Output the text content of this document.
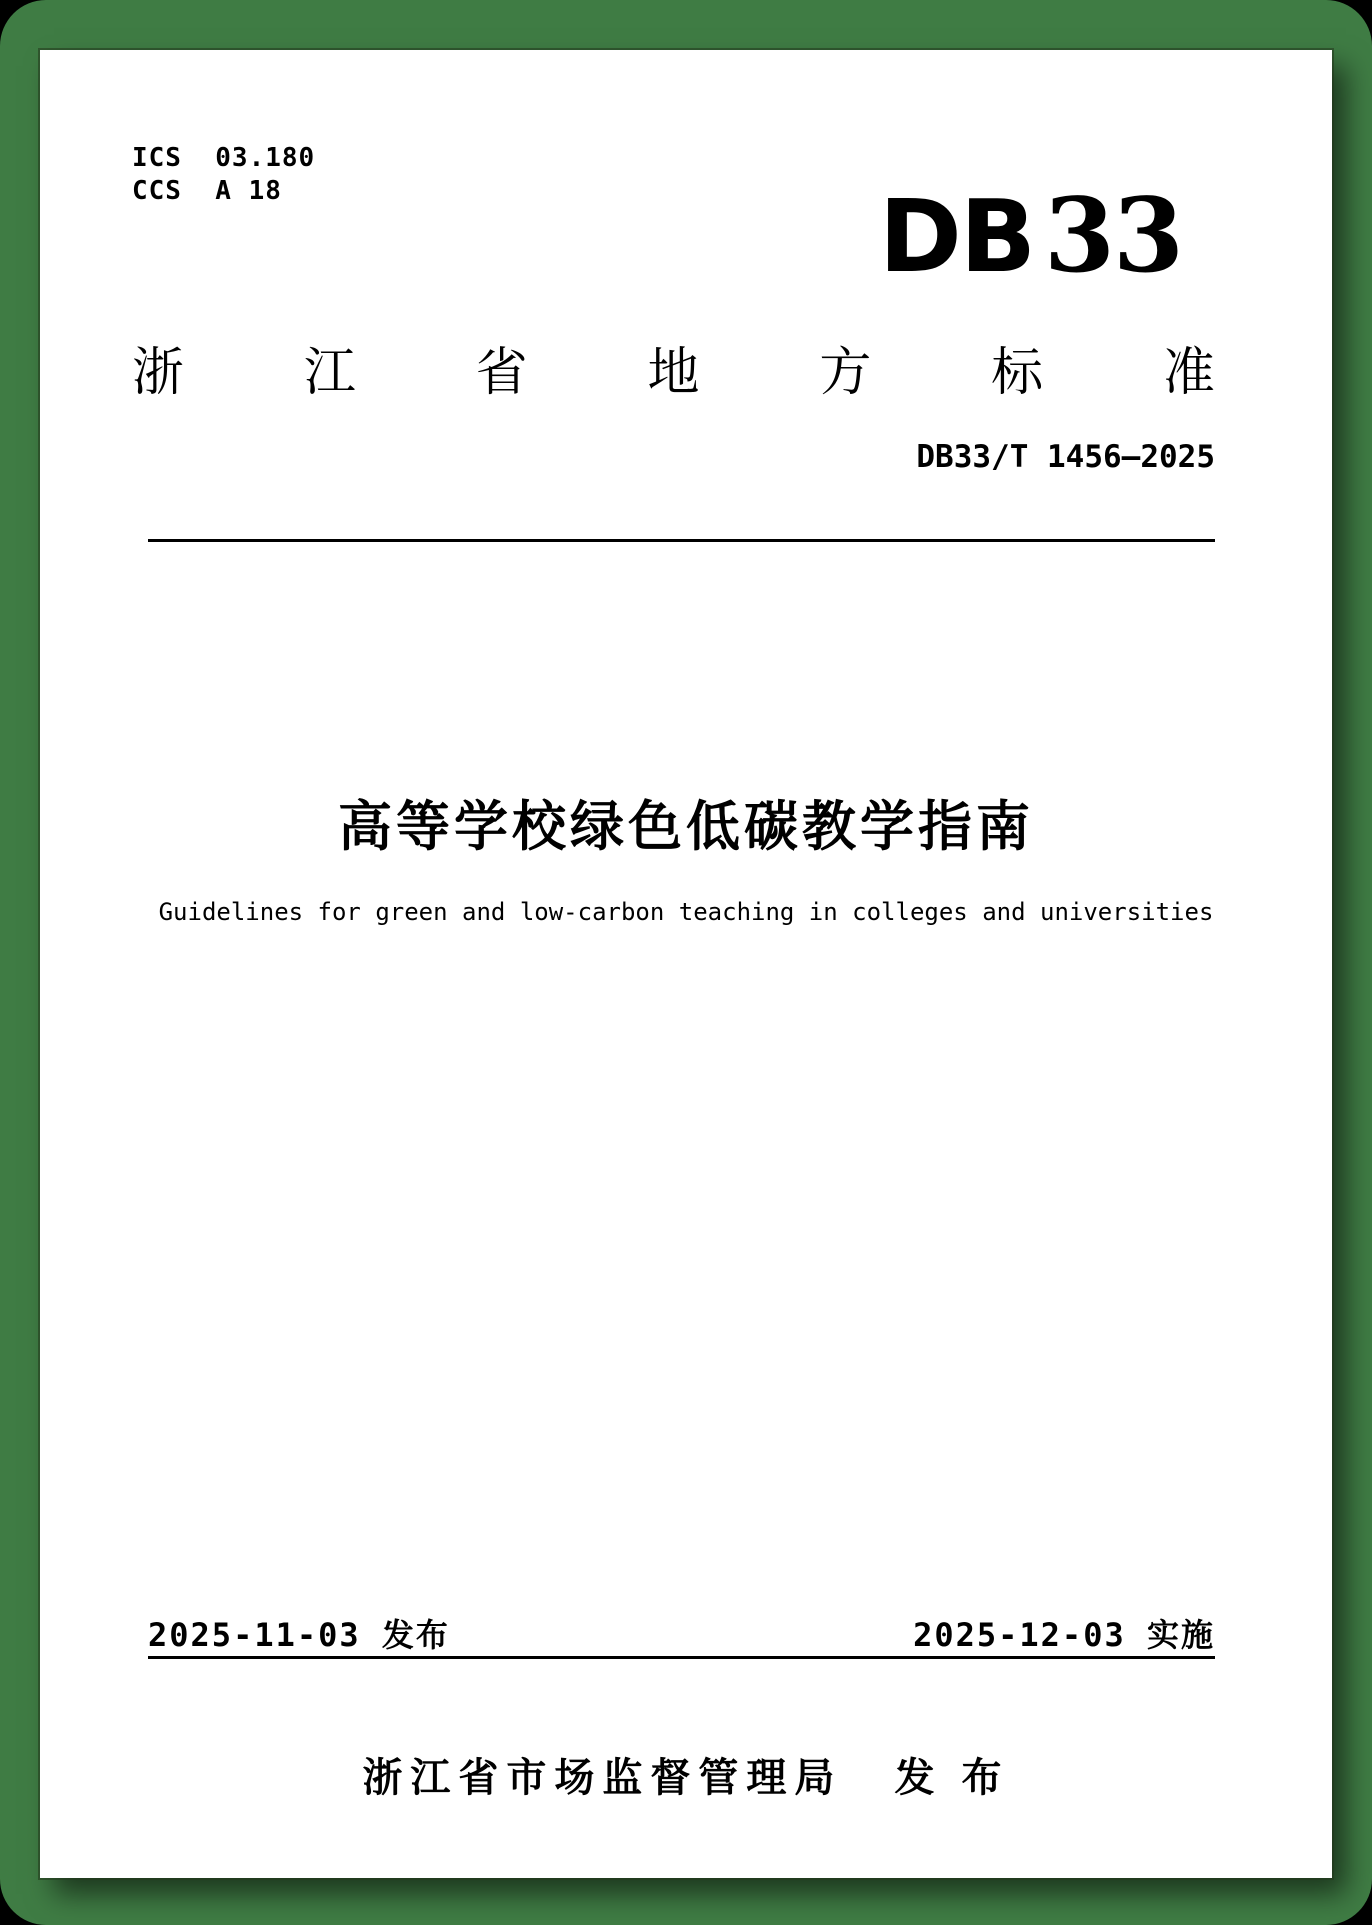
ICS  03.180
CCS  A 18	DB33
浙江省地方标准
DB33/T 1456—2025
高等学校绿色低碳教学指南
Guidelines for green and low-carbon teaching in colleges and universities
2025-11-03 发布	2025-12-03 实施
浙江省市场监督管理局 发 布
